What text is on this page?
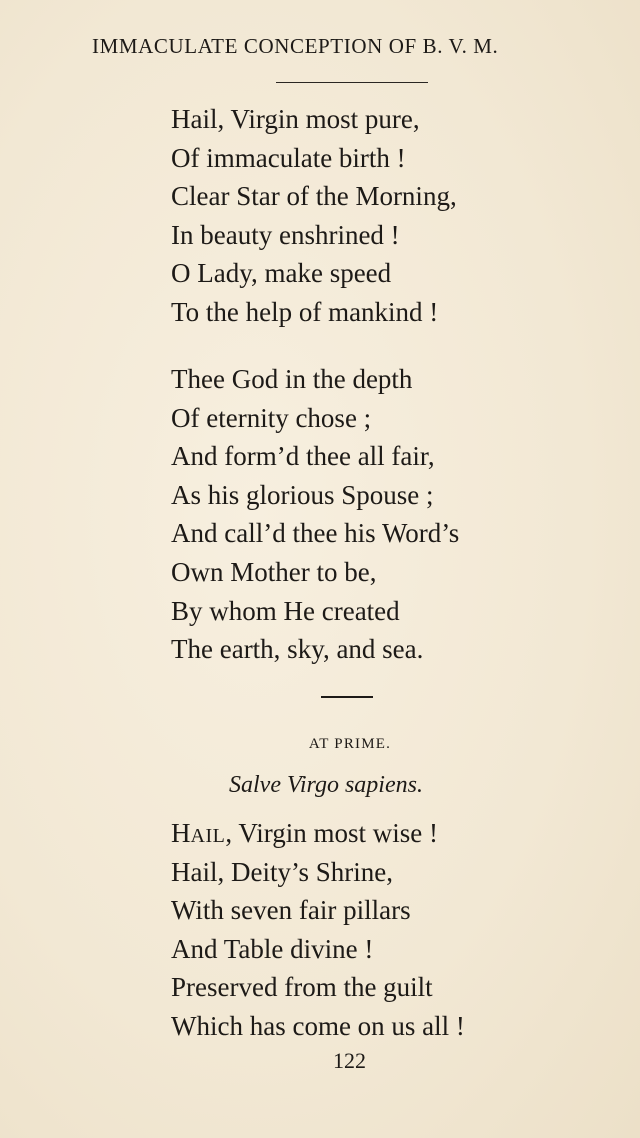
IMMACULATE CONCEPTION OF B. V. M.
Hail, Virgin most pure,
Of immaculate birth !
Clear Star of the Morning,
In beauty enshrined !
O Lady, make speed
To the help of mankind !
Thee God in the depth
Of eternity chose ;
And form’d thee all fair,
As his glorious Spouse ;
And call’d thee his Word’s
Own Mother to be,
By whom He created
The earth, sky, and sea.
AT PRIME.
Salve Virgo sapiens.
HAIL, Virgin most wise !
Hail, Deity’s Shrine,
With seven fair pillars
And Table divine !
Preserved from the guilt
Which has come on us all !
122
